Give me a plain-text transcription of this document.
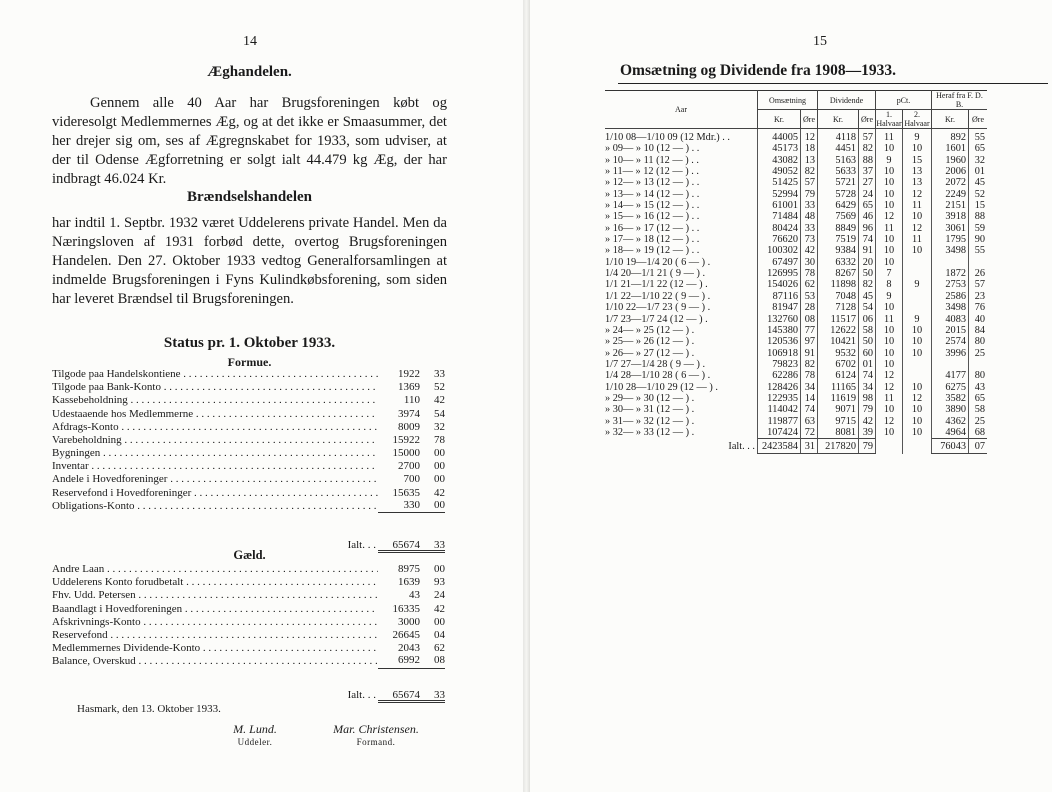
14
Æghandelen.

Gennem alle 40 Aar har Brugsforeningen købt og videresolgt Medlemmernes Æg, og at det ikke er Smaasummer, det her drejer sig om, ses af Ægregnskabet for 1933, som udviser, at der til Odense Ægforretning er solgt ialt 44.479 kg Æg, der har indbragt 46.024 Kr.

Brændselshandelen

har indtil 1. Septbr. 1932 været Uddelerens private Handel. Men da Næringsloven af 1931 forbød dette, overtog Brugsforeningen Handelen. Den 27. Oktober 1933 vedtog Generalforsamlingen at indmelde Brugsforeningen i Fyns Kulindkøbsforening, som siden har leveret Brændsel til Brugsforeningen.

Status pr. 1. Oktober 1933.
Formue.
Tilgode paa Handelskontiene . . .	1922	33
Tilgode paa Bank-Konto . . .	1369	52
Kassebeholdning . . .	110	42
Udestaaende hos Medlemmerne . . .	3974	54
Afdrags-Konto . . .	8009	32
Varebeholdning . . .	15922	78
Bygningen . . .	15000	00
Inventar . . .	2700	00
Andele i Hovedforeninger . . .	700	00
Reservefond i Hovedforeninger . . .	15635	42
Obligations-Konto . . .	330	00
Ialt. . .	65674	33
Gæld.
Andre Laan . . .	8975	00
Uddelerens Konto forudbetalt . . .	1639	93
Fhv. Udd. Petersen . . .	43	24
Baandlagt i Hovedforeningen . . .	16335	42
Afskrivnings-Konto . . .	3000	00
Reservefond . . .	26645	04
Medlemmernes Dividende-Konto . . .	2043	62
Balance, Overskud . . .	6992	08
Ialt. . .	65674	33
Hasmark, den 13. Oktober 1933.
M. Lund.
Uddeler.
Mar. Christensen.
Formand.
15
Omsætning og Dividende fra 1908—1933.
Aar	Omsætning		Dividende		pCt.		Heraf fra F. D. B.	
	Kr.	Øre	Kr.	Øre	1. Halvaar	2. Halvaar	Kr.	Øre
1/10 08—1/10 09 (12 Mdr.) . .	44005	12	4118	57	11	9	892	55
» 09— » 10 (12 — ) . .	45173	18	4451	82	10	10	1601	65
» 10— » 11 (12 — ) . .	43082	13	5163	88	9	15	1960	32
» 11— » 12 (12 — ) . .	49052	82	5633	37	10	13	2006	01
» 12— » 13 (12 — ) . .	51425	57	5721	27	10	13	2072	45
» 13— » 14 (12 — ) . .	52994	79	5728	24	10	12	2249	52
» 14— » 15 (12 — ) . .	61001	33	6429	65	10	11	2151	15
» 15— » 16 (12 — ) . .	71484	48	7569	46	12	10	3918	88
» 16— » 17 (12 — ) . .	80424	33	8849	96	11	12	3061	59
» 17— » 18 (12 — ) . .	76620	73	7519	74	10	11	1795	90
» 18— » 19 (12 — ) . .	100302	42	9384	91	10	10	3498	55
1/10 19—1/4 20 ( 6 — ) .	67497	30	6332	20	10			
1/4 20—1/1 21 ( 9 — ) .	126995	78	8267	50	7		1872	26
1/1 21—1/1 22 (12 — ) .	154026	62	11898	82	8	9	2753	57
1/1 22—1/10 22 ( 9 — ) .	87116	53	7048	45	9		2586	23
1/10 22—1/7 23 ( 9 — ) .	81947	28	7128	54	10		3498	76
1/7 23—1/7 24 (12 — ) .	132760	08	11517	06	11	9	4083	40
» 24— » 25 (12 — ) .	145380	77	12622	58	10	10	2015	84
» 25— » 26 (12 — ) .	120536	97	10421	50	10	10	2574	80
» 26— » 27 (12 — ) .	106918	91	9532	60	10	10	3996	25
1/7 27—1/4 28 ( 9 — ) .	79823	82	6702	01	10			
1/4 28—1/10 28 ( 6 — ) .	62286	78	6124	74	12		4177	80
1/10 28—1/10 29 (12 — ) .	128426	34	11165	34	12	10	6275	43
» 29— » 30 (12 — ) .	122935	14	11619	98	11	12	3582	65
» 30— » 31 (12 — ) .	114042	74	9071	79	10	10	3890	58
» 31— » 32 (12 — ) .	119877	63	9715	42	12	10	4362	25
» 32— » 33 (12 — ) .	107424	72	8081	39	10	10	4964	68
Ialt. . .	2423584	31	217820	79			76043	07
